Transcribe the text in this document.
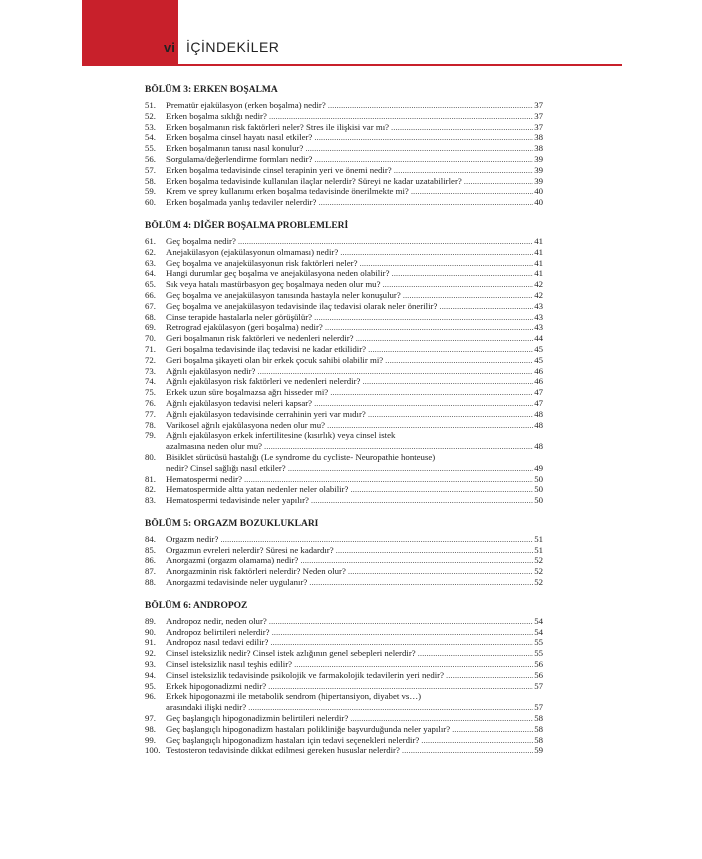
vi İÇİNDEKİLER
BÖLÜM 3: ERKEN BOŞALMA
51.	Prematür ejakülasyon (erken boşalma) nedir? .....	37
52.	Erken boşalma sıklığı nedir? .....	37
53.	Erken boşalmanın risk faktörleri neler? Stres ile ilişkisi var mı? .....	37
54.	Erken boşalma cinsel hayatı nasıl etkiler? .....	38
55.	Erken boşalmanın tanısı nasıl konulur? .....	38
56.	Sorgulama/değerlendirme formları nedir? .....	39
57.	Erken boşalma tedavisinde cinsel terapinin yeri ve önemi nedir? .....	39
58.	Erken boşalma tedavisinde kullanılan ilaçlar nelerdir? Süreyi ne kadar uzatabilirler? .....	39
59.	Krem ve sprey kullanımı erken boşalma tedavisinde önerilmekte mi? .....	40
60.	Erken boşalmada yanlış tedaviler nelerdir? .....	40
BÖLÜM 4: DİĞER BOŞALMA PROBLEMLERİ
61.	Geç boşalma nedir? .....	41
62.	Anejakülasyon (ejakülasyonun olmaması) nedir? .....	41
63.	Geç boşalma ve anajekülasyonun risk faktörleri neler? .....	41
64.	Hangi durumlar geç boşalma ve anejakülasyona neden olabilir? .....	41
65.	Sık veya hatalı mastürbasyon geç boşalmaya neden olur mu? .....	42
66.	Geç boşalma ve anejakülasyon tanısında hastayla neler konuşulur? .....	42
67.	Geç boşalma ve anejakülasyon tedavisinde ilaç tedavisi olarak neler önerilir? .....	43
68.	Cinse terapide hastalarla neler görüşülür? .....	43
69.	Retrograd ejakülasyon (geri boşalma) nedir? .....	43
70.	Geri boşalmanın risk faktörleri ve nedenleri nelerdir? .....	44
71.	Geri boşalma tedavisinde ilaç tedavisi ne kadar etkilidir? .....	45
72.	Geri boşalma şikayeti olan bir erkek çocuk sahibi olabilir mi? .....	45
73.	Ağrılı ejakülasyon nedir? .....	46
74.	Ağrılı ejakülasyon risk faktörleri ve nedenleri nelerdir? .....	46
75.	Erkek uzun süre boşalmazsa ağrı hisseder mi? .....	47
76.	Ağrılı ejakülasyon tedavisi neleri kapsar? .....	47
77.	Ağrılı ejakülasyon tedavisinde cerrahinin yeri var mıdır? .....	48
78.	Varikosel ağrılı ejakülasyona neden olur mu? .....	48
79.	Ağrılı ejakülasyon erkek infertilitesine (kısırlık) veya cinsel istek
azalmasına neden olur mu? .....	48
80.	Bisiklet sürücüsü hastalığı (Le syndrome du cycliste- Neuropathie honteuse)
nedir? Cinsel sağlığı nasıl etkiler? .....	49
81.	Hematospermi nedir? .....	50
82.	Hematospermide altta yatan nedenler neler olabilir? .....	50
83.	Hematospermi tedavisinde neler yapılır? .....	50
BÖLÜM 5: ORGAZM BOZUKLUKLARI
84.	Orgazm nedir? .....	51
85.	Orgazmın evreleri nelerdir? Süresi ne kadardır? .....	51
86.	Anorgazmi (orgazm olamama) nedir? .....	52
87.	Anorgazminin risk faktörleri nelerdir? Neden olur? .....	52
88.	Anorgazmi tedavisinde neler uygulanır? .....	52
BÖLÜM 6: ANDROPOZ
89.	Andropoz nedir, neden olur? .....	54
90.	Andropoz belirtileri nelerdir? .....	54
91.	Andropoz nasıl tedavi edilir? .....	55
92.	Cinsel isteksizlik nedir? Cinsel istek azlığının genel sebepleri nelerdir? .....	55
93.	Cinsel isteksizlik nasıl teşhis edilir? .....	56
94.	Cinsel isteksizlik tedavisinde psikolojik ve farmakolojik tedavilerin yeri nedir? .....	56
95.	Erkek hipogonadizmi nedir? .....	57
96.	Erkek hipogonazmi ile metabolik sendrom (hipertansiyon, diyabet vs…)
arasındaki ilişki nedir? .....	57
97.	Geç başlangıçlı hipogonadizmin belirtileri nelerdir? .....	58
98.	Geç başlangıçlı hipogonadizm hastaları polikliniğe başvurduğunda neler yapılır? .....	58
99.	Geç başlangıçlı hipogonadizm hastaları için tedavi seçenekleri nelerdir? .....	58
100. Testosteron tedavisinde dikkat edilmesi gereken hususlar nelerdir? .....	59
